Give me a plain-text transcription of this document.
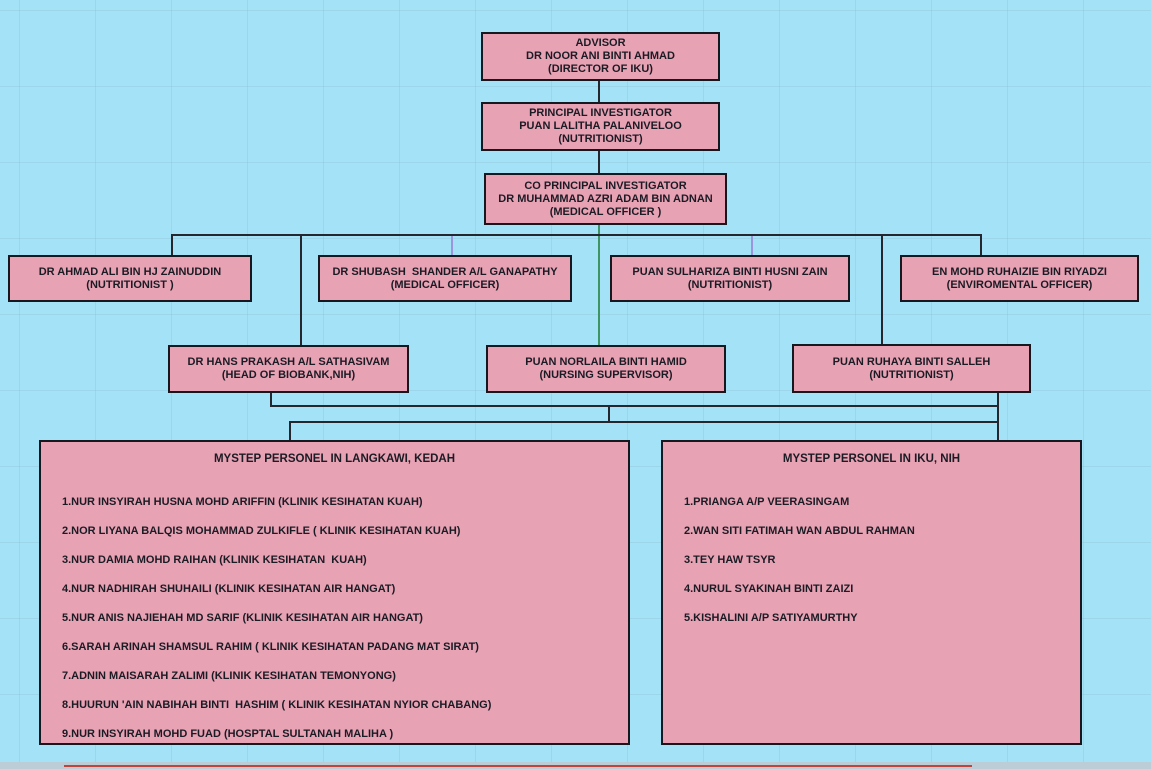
ADVISOR
DR NOOR ANI BINTI AHMAD
(DIRECTOR OF IKU)
PRINCIPAL INVESTIGATOR
PUAN LALITHA PALANIVELOO
(NUTRITIONIST)
CO PRINCIPAL INVESTIGATOR
DR MUHAMMAD AZRI ADAM BIN ADNAN
(MEDICAL OFFICER )
DR AHMAD ALI BIN HJ ZAINUDDIN
(NUTRITIONIST )
DR SHUBASH  SHANDER A/L GANAPATHY
(MEDICAL OFFICER)
PUAN SULHARIZA BINTI HUSNI ZAIN
(NUTRITIONIST)
EN MOHD RUHAIZIE BIN RIYADZI
(ENVIROMENTAL OFFICER)
DR HANS PRAKASH A/L SATHASIVAM
(HEAD OF BIOBANK,NIH)
PUAN NORLAILA BINTI HAMID
(NURSING SUPERVISOR)
PUAN RUHAYA BINTI SALLEH
(NUTRITIONIST)
MYSTEP PERSONEL IN LANGKAWI, KEDAH
1.NUR INSYIRAH HUSNA MOHD ARIFFIN (KLINIK KESIHATAN KUAH)
2.NOR LIYANA BALQIS MOHAMMAD ZULKIFLE ( KLINIK KESIHATAN KUAH)
3.NUR DAMIA MOHD RAIHAN (KLINIK KESIHATAN  KUAH)
4.NUR NADHIRAH SHUHAILI (KLINIK KESIHATAN AIR HANGAT)
5.NUR ANIS NAJIEHAH MD SARIF (KLINIK KESIHATAN AIR HANGAT)
6.SARAH ARINAH SHAMSUL RAHIM ( KLINIK KESIHATAN PADANG MAT SIRAT)
7.ADNIN MAISARAH ZALIMI (KLINIK KESIHATAN TEMONYONG)
8.HUURUN 'AIN NABIHAH BINTI  HASHIM ( KLINIK KESIHATAN NYIOR CHABANG)
9.NUR INSYIRAH MOHD FUAD (HOSPTAL SULTANAH MALIHA )
MYSTEP PERSONEL IN IKU, NIH
1.PRIANGA A/P VEERASINGAM
2.WAN SITI FATIMAH WAN ABDUL RAHMAN
3.TEY HAW TSYR
4.NURUL SYAKINAH BINTI ZAIZI
5.KISHALINI A/P SATIYAMURTHY
